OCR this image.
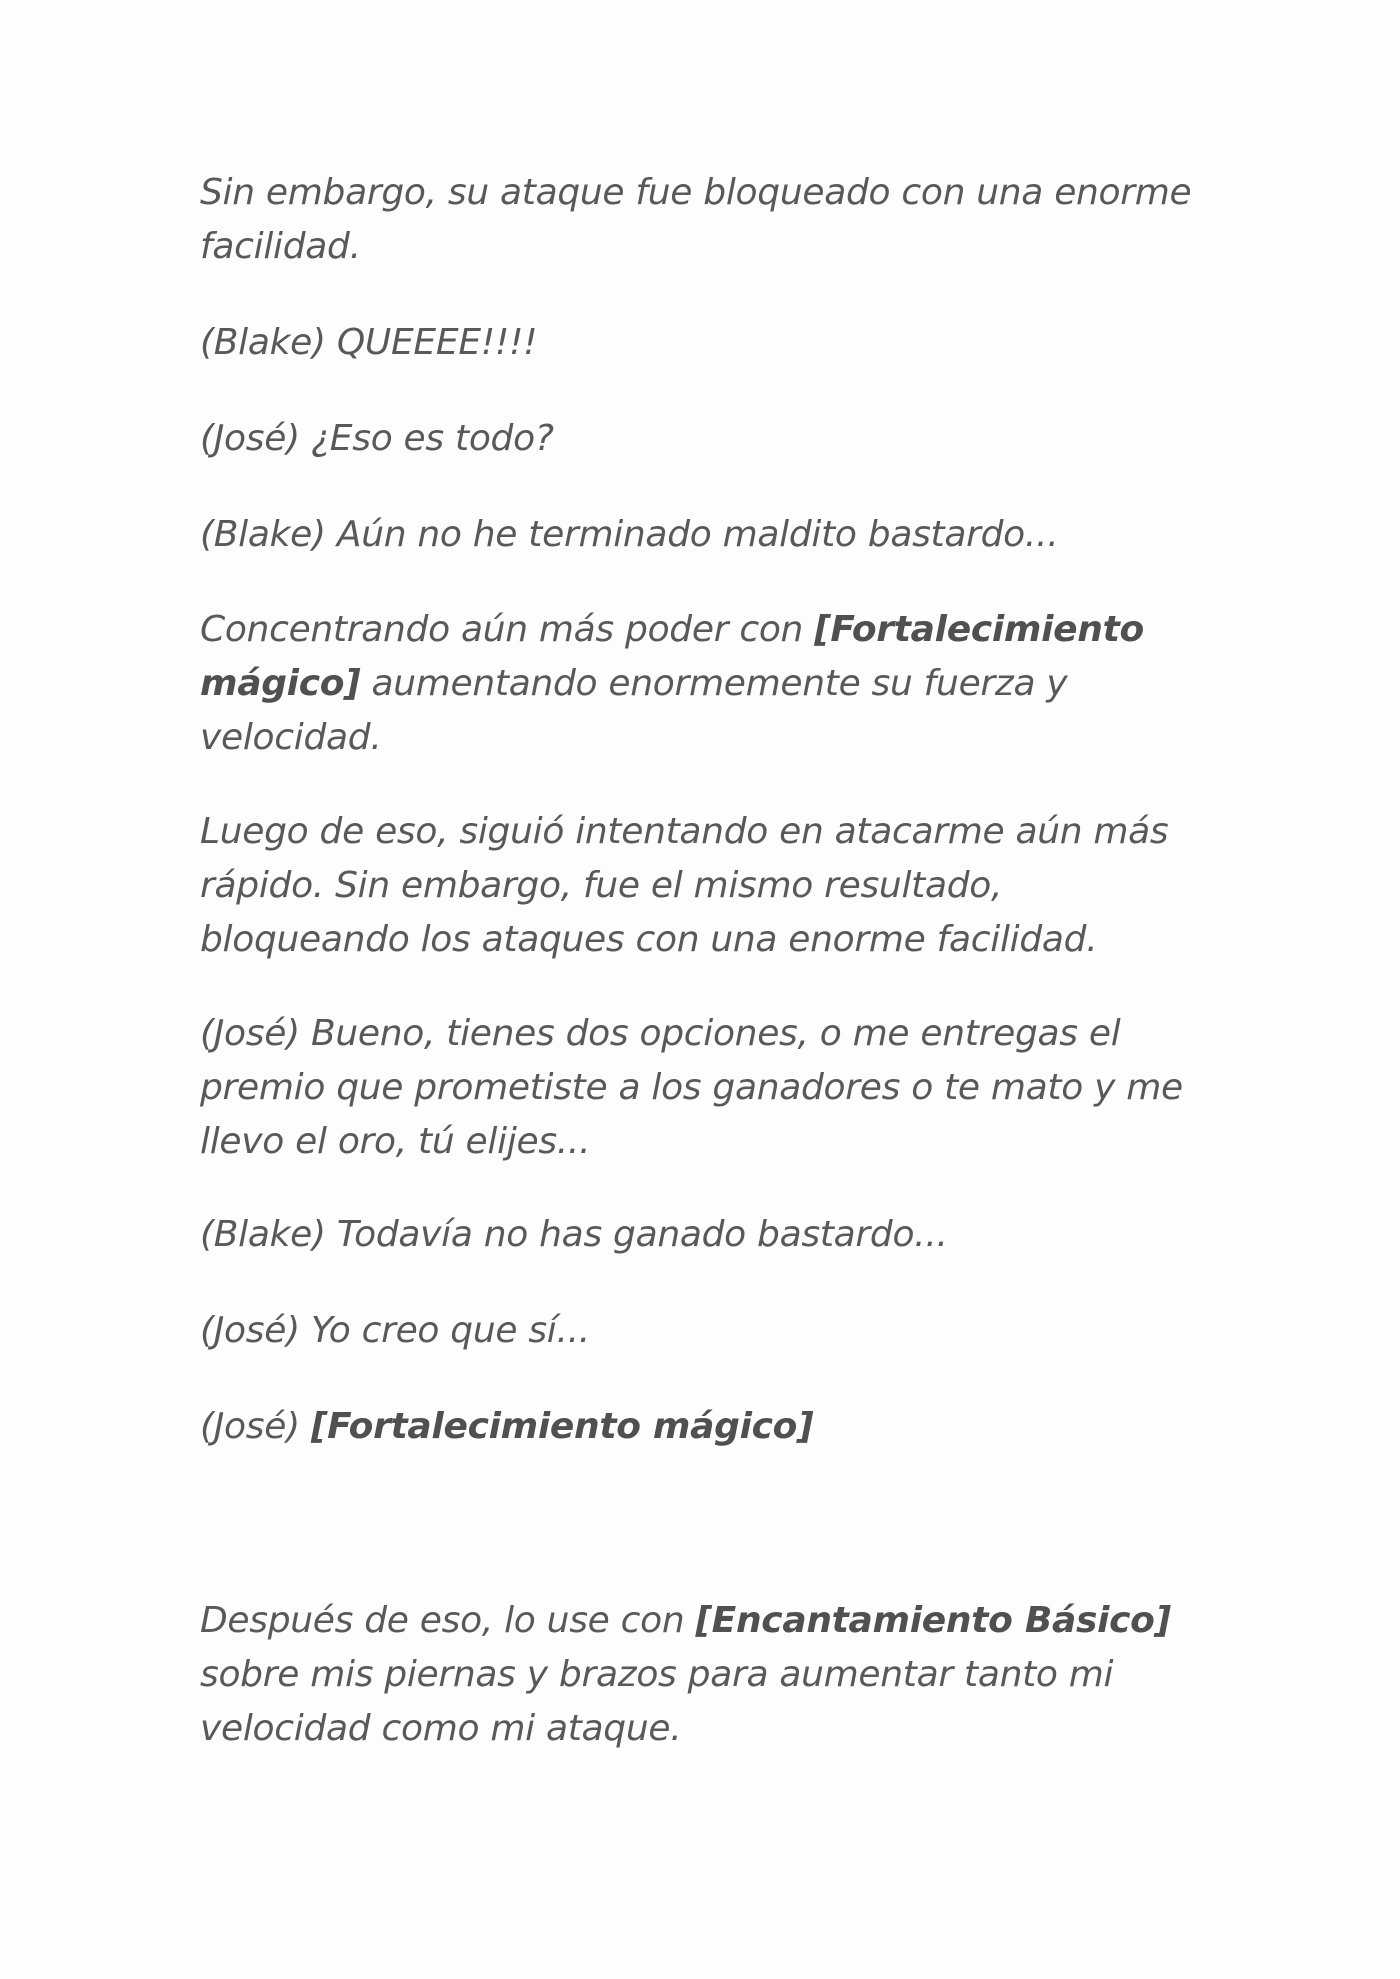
Sin embargo, su ataque fue bloqueado con una enorme facilidad.

(Blake) QUEEEE!!!!

(José) ¿Eso es todo?

(Blake) Aún no he terminado maldito bastardo...

Concentrando aún más poder con [Fortalecimiento mágico] aumentando enormemente su fuerza y velocidad.

Luego de eso, siguió intentando en atacarme aún más rápido. Sin embargo, fue el mismo resultado, bloqueando los ataques con una enorme facilidad.

(José) Bueno, tienes dos opciones, o me entregas el premio que prometiste a los ganadores o te mato y me llevo el oro, tú elijes...

(Blake) Todavía no has ganado bastardo...

(José) Yo creo que sí...

(José) [Fortalecimiento mágico]

Después de eso, lo use con [Encantamiento Básico] sobre mis piernas y brazos para aumentar tanto mi velocidad como mi ataque.
